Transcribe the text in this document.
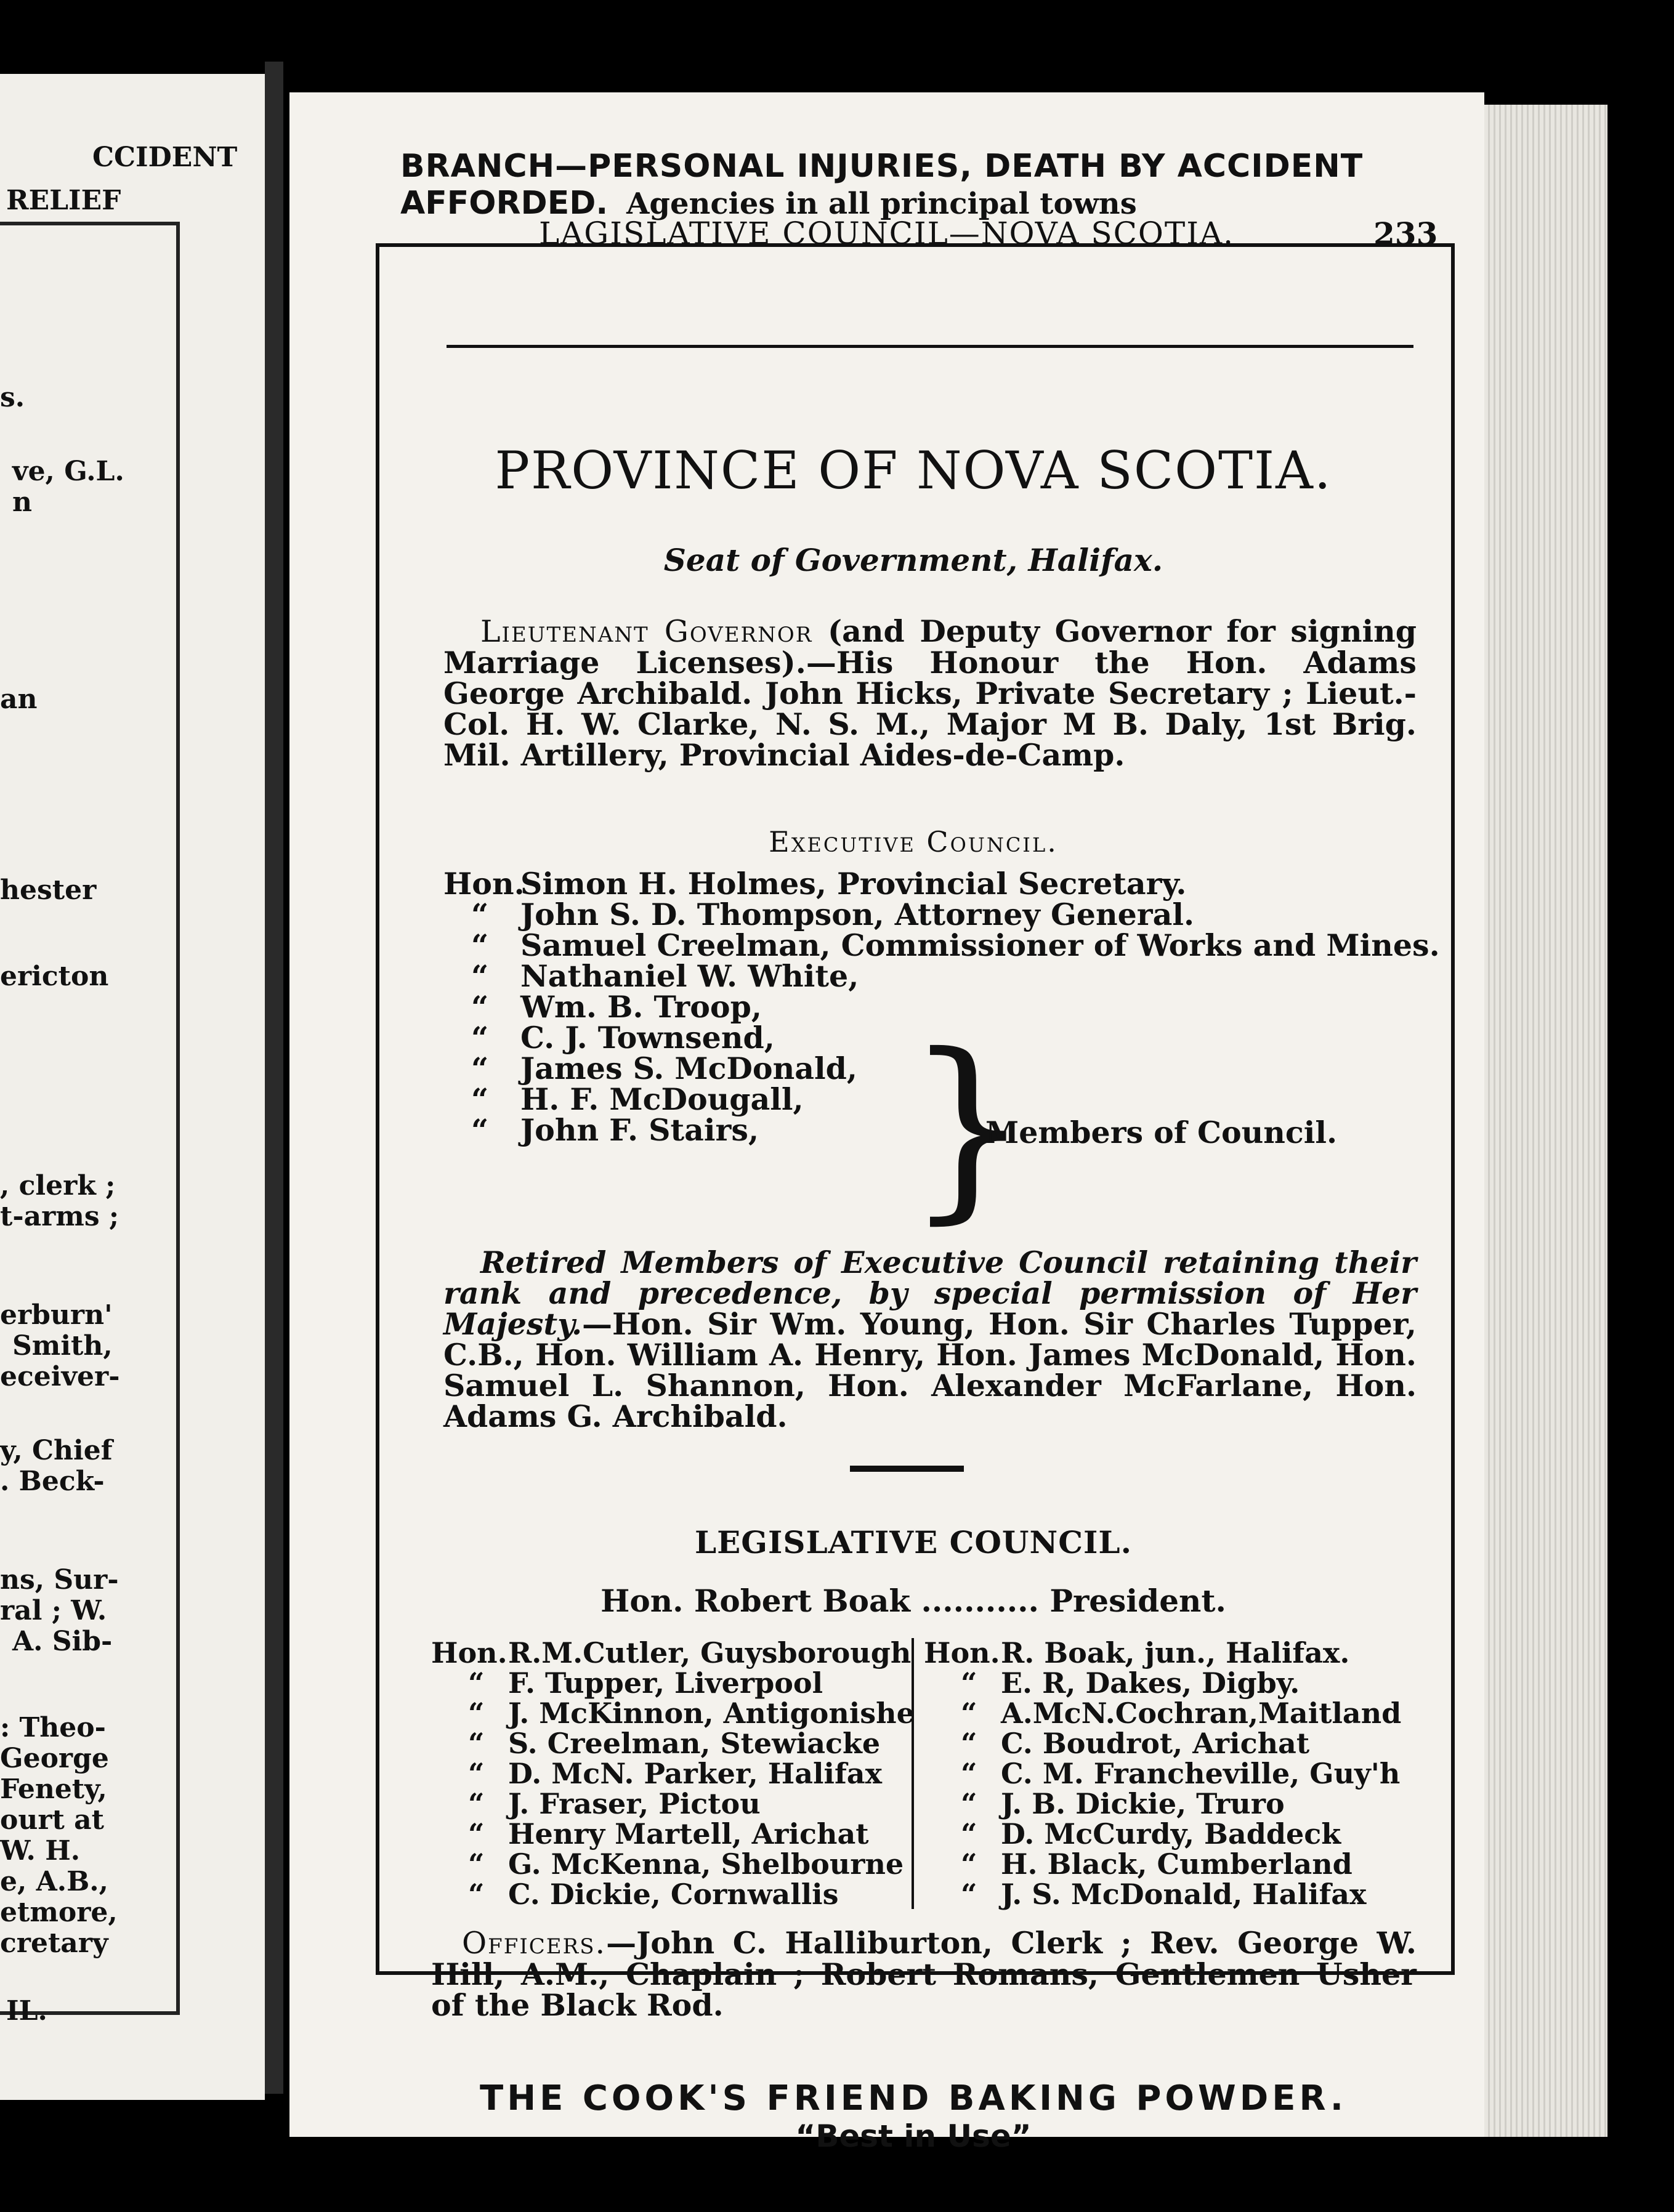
CCIDENT
RELIEF
s.
ve, G.L.
n
an
hester
ericton
, clerk ;
t-arms ;
erburn'
Smith,
eceiver-
y, Chief
. Beck-
ns, Sur-
ral ; W.
A. Sib-
: Theo-
George
Fenety,
ourt at
W. H.
e, A.B.,
etmore,
cretary
IL.
BRANCH—PERSONAL INJURIES, DEATH BY ACCIDENT
AFFORDED. Agencies in all principal towns
LAGISLATIVE COUNCIL—NOVA SCOTIA.	233
PROVINCE OF NOVA SCOTIA.
Seat of Government, Halifax.
Lieutenant Governor (and Deputy Governor for signing Marriage Licenses).—His Honour the Hon. Adams George Archibald. John Hicks, Private Secretary ; Lieut.-Col. H. W. Clarke, N. S. M., Major M B. Daly, 1st Brig. Mil. Artillery, Provincial Aides-de-Camp.
Executive Council.
Hon.
Simon H. Holmes, Provincial Secretary.
“ John S. D. Thompson, Attorney General.
“ Samuel Creelman, Commissioner of Works and Mines.
“ Nathaniel W. White,
“ Wm. B. Troop,
“ C. J. Townsend,
“ James S. McDonald,
“ H. F. McDougall,
“ John F. Stairs, }
Members of Council.
Retired Members of Executive Council retaining their rank and precedence, by special permission of Her Majesty.—Hon. Sir Wm. Young, Hon. Sir Charles Tupper, C.B., Hon. William A. Henry, Hon. James McDonald, Hon. Samuel L. Shannon, Hon. Alexander McFarlane, Hon. Adams G. Archibald.
LEGISLATIVE COUNCIL.
Hon. Robert Boak ........... President.
Hon. R.M.Cutler, Guysborough
“ F. Tupper, Liverpool
“ J. McKinnon, Antigonishe
“ S. Creelman, Stewiacke
“ D. McN. Parker, Halifax
“ J. Fraser, Pictou
“ Henry Martell, Arichat
“ G. McKenna, Shelbourne
“ C. Dickie, Cornwallis
Hon. R. Boak, jun., Halifax.
“ E. R, Dakes, Digby.
“ A.McN.Cochran,Maitland
“ C. Boudrot, Arichat
“ C. M. Francheville, Guy'h
“ J. B. Dickie, Truro
“ D. McCurdy, Baddeck
“ H. Black, Cumberland
“ J. S. McDonald, Halifax
Officers.—John C. Halliburton, Clerk ; Rev. George W. Hill, A.M., Chaplain ; Robert Romans, Gentlemen Usher of the Black Rod.
THE COOK'S FRIEND BAKING POWDER.
“Best in Use”
